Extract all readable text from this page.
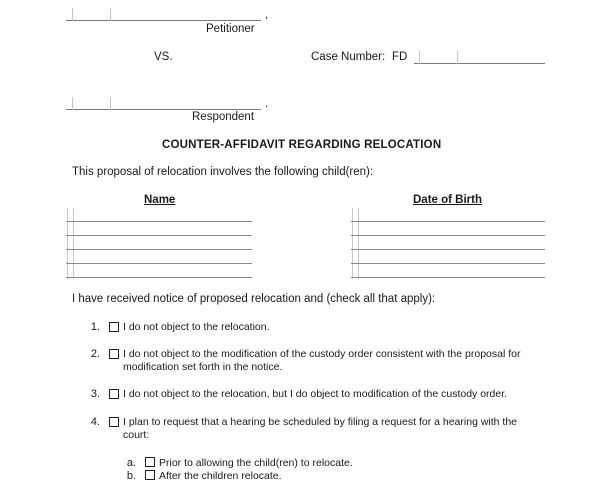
,
Petitioner
VS.	Case Number: FD
.
Respondent
COUNTER-AFFIDAVIT REGARDING RELOCATION
This proposal of relocation involves the following child(ren):
Name	Date of Birth
I have received notice of proposed relocation and (check all that apply):
1. I do not object to the relocation.
2. I do not object to the modification of the custody order consistent with the proposal for modification set forth in the notice.
3. I do not object to the relocation, but I do object to modification of the custody order.
4. I plan to request that a hearing be scheduled by filing a request for a hearing with the court:
a. Prior to allowing the child(ren) to relocate.
b. After the children relocate.
